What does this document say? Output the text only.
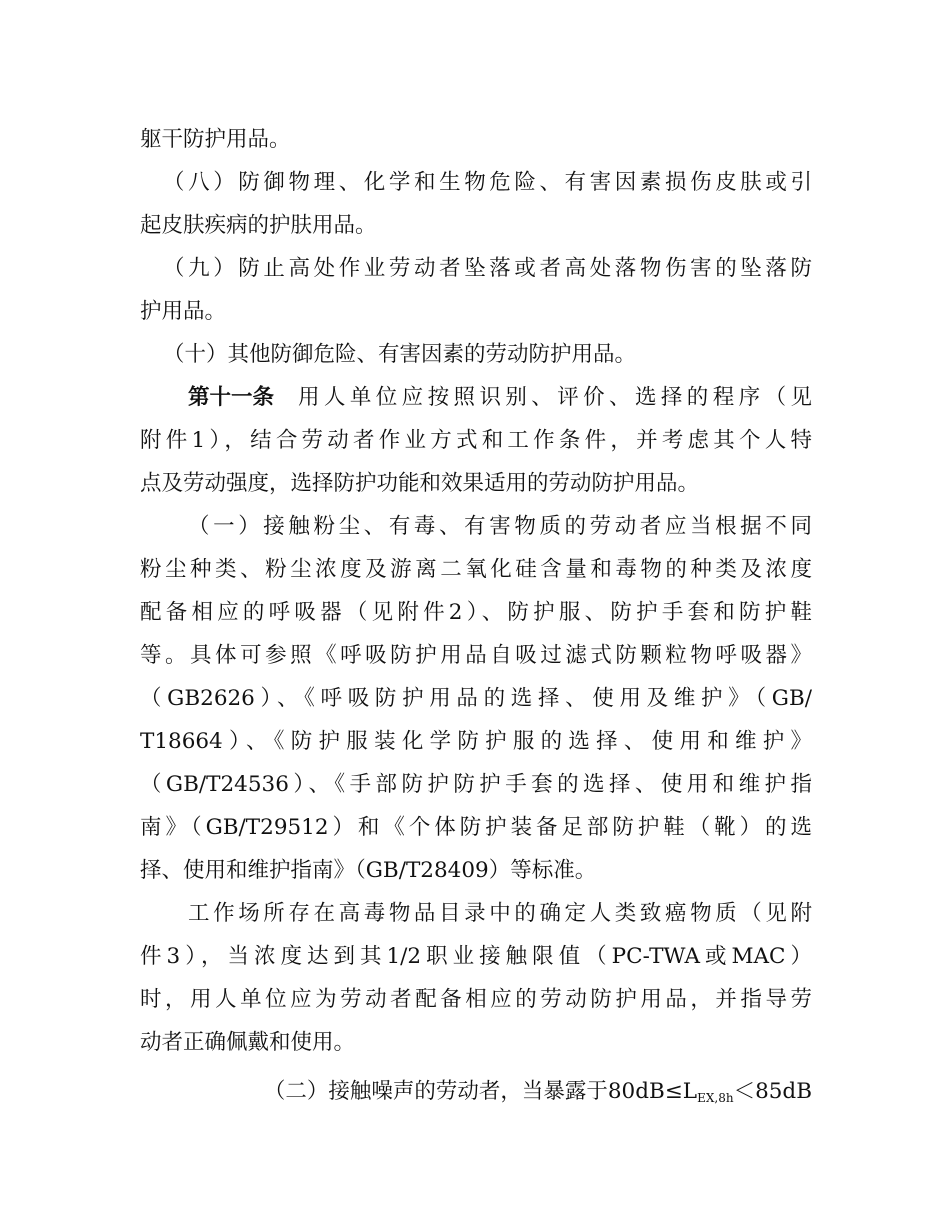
躯干防护用品。
（八）防御物理、化学和生物危险、有害因素损伤皮肤或引
起皮肤疾病的护肤用品。
（九）防止高处作业劳动者坠落或者高处落物伤害的坠落防
护用品。
（十）其他防御危险、有害因素的劳动防护用品。
第十一条	用人单位应按照识别、评价、选择的程序（见
附件1），结合劳动者作业方式和工作条件，并考虑其个人特
点及劳动强度，选择防护功能和效果适用的劳动防护用品。
（一）接触粉尘、有毒、有害物质的劳动者应当根据不同
粉尘种类、粉尘浓度及游离二氧化硅含量和毒物的种类及浓度
配备相应的呼吸器（见附件2）、防护服、防护手套和防护鞋
等。具体可参照《呼吸防护用品自吸过滤式防颗粒物呼吸器》
（GB2626）、《呼吸防护用品的选择、使用及维护》（GB/
T18664）、《防护服装化学防护服的选择、使用和维护》
（GB/T24536）、《手部防护防护手套的选择、使用和维护指
南》（GB/T29512）和《个体防护装备足部防护鞋（靴）的选
择、使用和维护指南》（GB/T28409）等标准。
工作场所存在高毒物品目录中的确定人类致癌物质（见附
件3），当浓度达到其1/2职业接触限值（PC-TWA或MAC）
时，用人单位应为劳动者配备相应的劳动防护用品，并指导劳
动者正确佩戴和使用。
（二）接触噪声的劳动者，当暴露于$80dB\le L_{EX,8h}<85dB$
